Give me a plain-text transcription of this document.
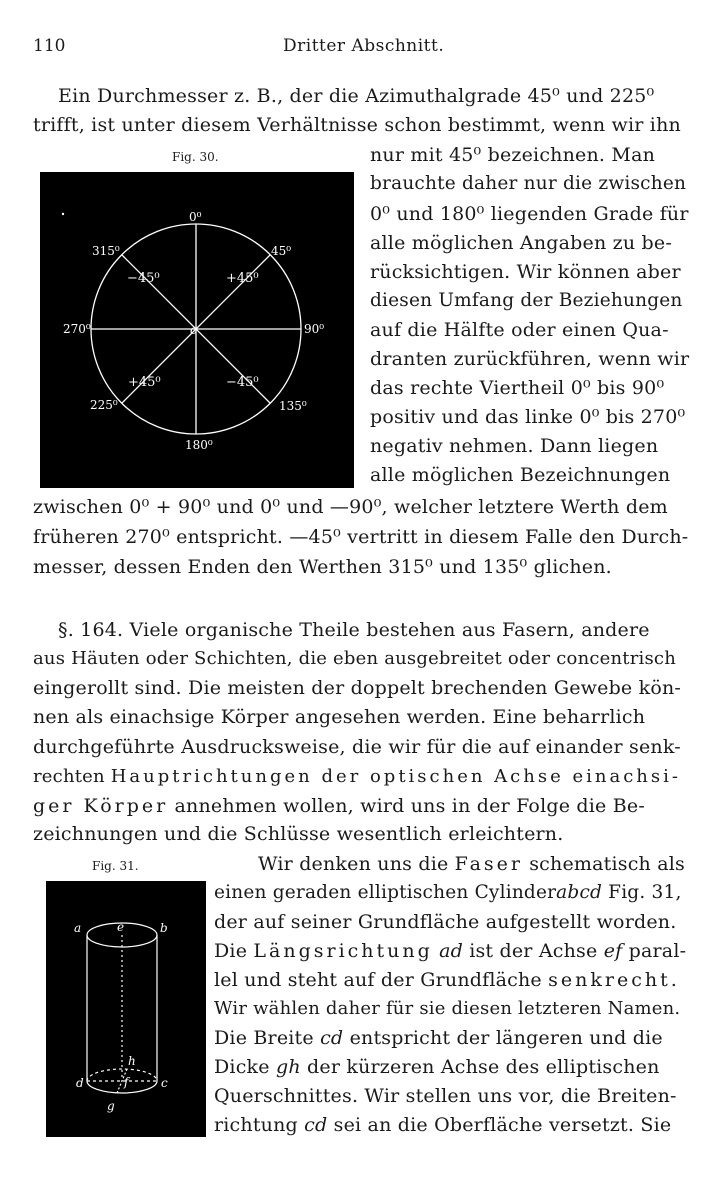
110	Dritter Abschnitt.
Ein Durchmesser z. B., der die Azimuthalgrade 45⁰ und 225⁰
trifft, ist unter diesem Verhältnisse schon bestimmt, wenn wir ihn
Fig. 30.	nur mit 45⁰ bezeichnen. Man
brauchte daher nur die zwischen
0⁰ und 180⁰ liegenden Grade für
alle möglichen Angaben zu be-
rücksichtigen. Wir können aber
diesen Umfang der Beziehungen
auf die Hälfte oder einen Qua-
dranten zurückführen, wenn wir
das rechte Viertheil 0⁰ bis 90⁰
positiv und das linke 0⁰ bis 270⁰
negativ nehmen. Dann liegen
alle möglichen Bezeichnungen
zwischen 0⁰ + 90⁰ und 0⁰ und —90⁰, welcher letztere Werth dem
früheren 270⁰ entspricht. —45⁰ vertritt in diesem Falle den Durch-
messer, dessen Enden den Werthen 315⁰ und 135⁰ glichen.
0⁰
90⁰
180⁰
270⁰
45⁰
315⁰
135⁰
225⁰
+45⁰
−45⁰
−45⁰
+45⁰
c
§. 164. Viele organische Theile bestehen aus Fasern, andere
aus Häuten oder Schichten, die eben ausgebreitet oder concentrisch
eingerollt sind. Die meisten der doppelt brechenden Gewebe kön-
nen als einachsige Körper angesehen werden. Eine beharrlich
durchgeführte Ausdrucksweise, die wir für die auf einander senk-
rechten Hauptrichtungen der optischen Achse einachsi-
ger Körper annehmen wollen, wird uns in der Folge die Be-
zeichnungen und die Schlüsse wesentlich erleichtern.
Fig. 31.
a	e	b
h
d	f	c
g
Wir denken uns die Faser schematisch als
einen geraden elliptischen Cylinderabcd Fig. 31,
der auf seiner Grundfläche aufgestellt worden.
Die Längsrichtung ad ist der Achse ef paral-
lel und steht auf der Grundfläche senkrecht.
Wir wählen daher für sie diesen letzteren Namen.
Die Breite cd entspricht der längeren und die
Dicke gh der kürzeren Achse des elliptischen
Querschnittes. Wir stellen uns vor, die Breiten-
richtung cd sei an die Oberfläche versetzt. Sie
